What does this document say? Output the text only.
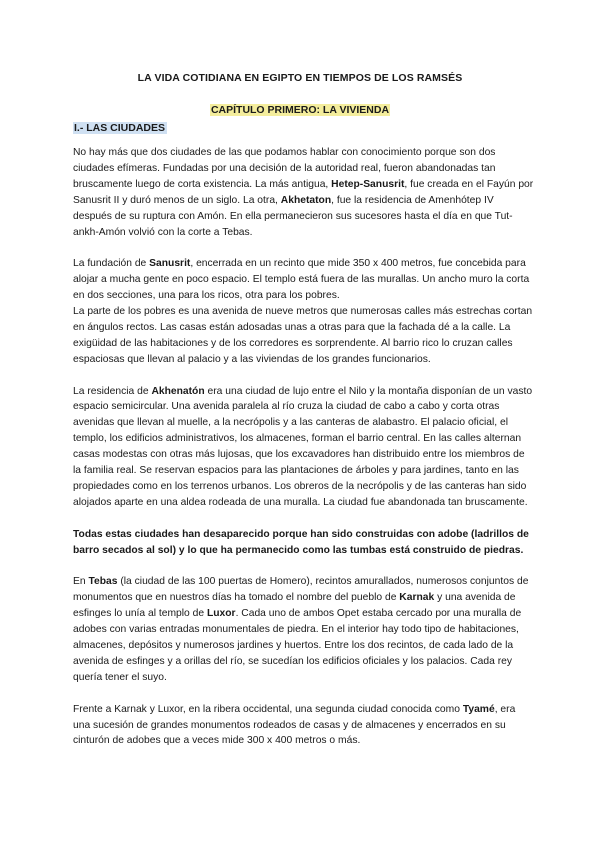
LA VIDA COTIDIANA EN EGIPTO EN TIEMPOS DE LOS RAMSÉS
CAPÍTULO PRIMERO: LA VIVIENDA
I.- LAS CIUDADES

No hay más que dos ciudades de las que podamos hablar con conocimiento porque son dos ciudades efímeras. Fundadas por una decisión de la autoridad real, fueron abandonadas tan bruscamente luego de corta existencia. La más antigua, Hetep-Sanusrit, fue creada en el Fayún por Sanusrit II y duró menos de un siglo. La otra, Akhetaton, fue la residencia de Amenhótep IV después de su ruptura con Amón. En ella permanecieron sus sucesores hasta el día en que Tut-ankh-Amón volvió con la corte a Tebas.

La fundación de Sanusrit, encerrada en un recinto que mide 350 x 400 metros, fue concebida para alojar a mucha gente en poco espacio. El templo está fuera de las murallas. Un ancho muro la corta en dos secciones, una para los ricos, otra para los pobres.

La parte de los pobres es una avenida de nueve metros que numerosas calles más estrechas cortan en ángulos rectos. Las casas están adosadas unas a otras para que la fachada dé a la calle. La exigüidad de las habitaciones y de los corredores es sorprendente. Al barrio rico lo cruzan calles espaciosas que llevan al palacio y a las viviendas de los grandes funcionarios.

La residencia de Akhenatón era una ciudad de lujo entre el Nilo y la montaña disponían de un vasto espacio semicircular. Una avenida paralela al río cruza la ciudad de cabo a cabo y corta otras avenidas que llevan al muelle, a la necrópolis y a las canteras de alabastro. El palacio oficial, el templo, los edificios administrativos, los almacenes, forman el barrio central. En las calles alternan casas modestas con otras más lujosas, que los excavadores han distribuido entre los miembros de la familia real. Se reservan espacios para las plantaciones de árboles y para jardines, tanto en las propiedades como en los terrenos urbanos. Los obreros de la necrópolis y de las canteras han sido alojados aparte en una aldea rodeada de una muralla. La ciudad fue abandonada tan bruscamente.

Todas estas ciudades han desaparecido porque han sido construidas con adobe (ladrillos de barro secados al sol) y lo que ha permanecido como las tumbas está construido de piedras.

En Tebas (la ciudad de las 100 puertas de Homero), recintos amurallados, numerosos conjuntos de monumentos que en nuestros días ha tomado el nombre del pueblo de Karnak y una avenida de esfinges lo unía al templo de Luxor. Cada uno de ambos Opet estaba cercado por una muralla de adobes con varias entradas monumentales de piedra. En el interior hay todo tipo de habitaciones, almacenes, depósitos y numerosos jardines y huertos. Entre los dos recintos, de cada lado de la avenida de esfinges y a orillas del río, se sucedían los edificios oficiales y los palacios. Cada rey quería tener el suyo.

Frente a Karnak y Luxor, en la ribera occidental, una segunda ciudad conocida como Tyamé, era una sucesión de grandes monumentos rodeados de casas y de almacenes y encerrados en su cinturón de adobes que a veces mide 300 x 400 metros o más.
